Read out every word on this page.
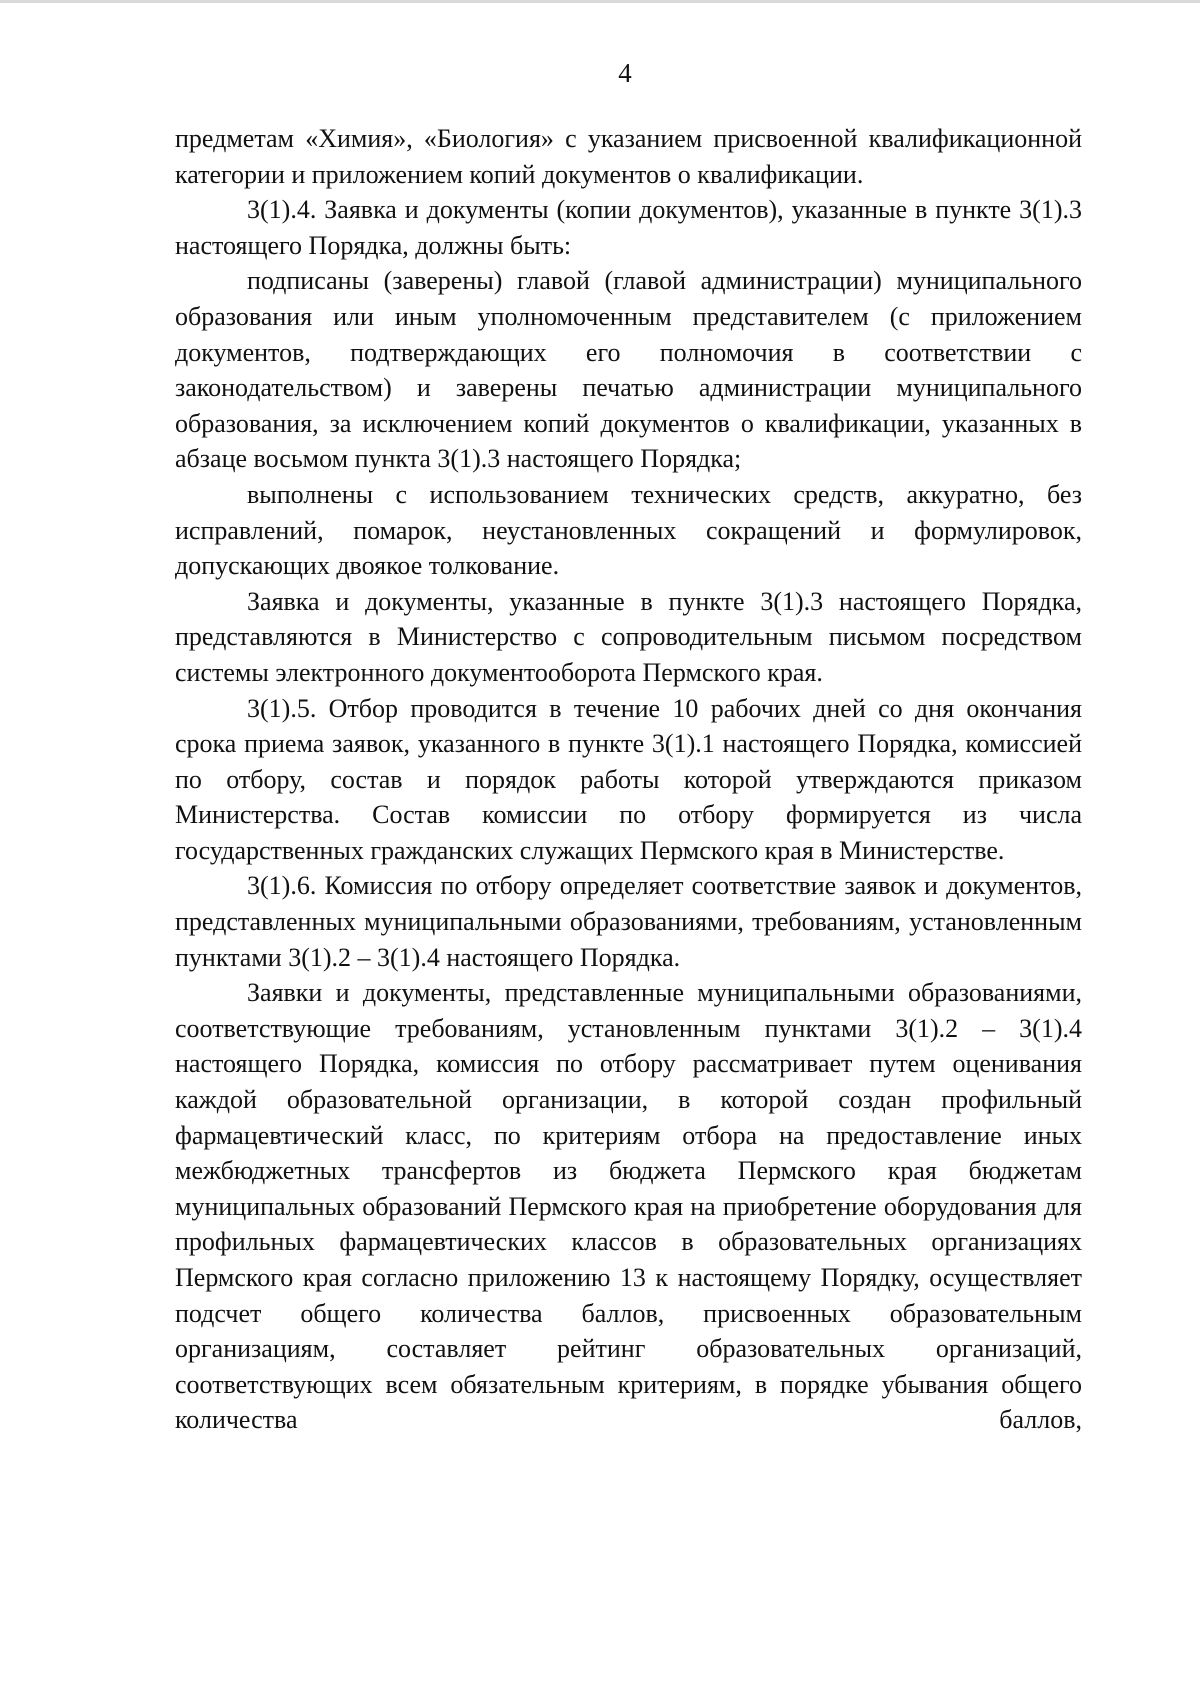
4

предметам «Химия», «Биология» с указанием присвоенной квалификационной категории и приложением копий документов о квалификации.

3(1).4. Заявка и документы (копии документов), указанные в пункте 3(1).3 настоящего Порядка, должны быть:

подписаны (заверены) главой (главой администрации) муниципального образования или иным уполномоченным представителем (с приложением документов, подтверждающих его полномочия в соответствии с законодательством) и заверены печатью администрации муниципального образования, за исключением копий документов о квалификации, указанных в абзаце восьмом пункта 3(1).3 настоящего Порядка;

выполнены с использованием технических средств, аккуратно, без исправлений, помарок, неустановленных сокращений и формулировок, допускающих двоякое толкование.

Заявка и документы, указанные в пункте 3(1).3 настоящего Порядка, представляются в Министерство с сопроводительным письмом посредством системы электронного документооборота Пермского края.

3(1).5. Отбор проводится в течение 10 рабочих дней со дня окончания срока приема заявок, указанного в пункте 3(1).1 настоящего Порядка, комиссией по отбору, состав и порядок работы которой утверждаются приказом Министерства. Состав комиссии по отбору формируется из числа государственных гражданских служащих Пермского края в Министерстве.

3(1).6. Комиссия по отбору определяет соответствие заявок и документов, представленных муниципальными образованиями, требованиям, установленным пунктами 3(1).2 – 3(1).4 настоящего Порядка.

Заявки и документы, представленные муниципальными образованиями, соответствующие требованиям, установленным пунктами 3(1).2 – 3(1).4 настоящего Порядка, комиссия по отбору рассматривает путем оценивания каждой образовательной организации, в которой создан профильный фармацевтический класс, по критериям отбора на предоставление иных межбюджетных трансфертов из бюджета Пермского края бюджетам муниципальных образований Пермского края на приобретение оборудования для профильных фармацевтических классов в образовательных организациях Пермского края согласно приложению 13 к настоящему Порядку, осуществляет подсчет общего количества баллов, присвоенных образовательным организациям, составляет рейтинг образовательных организаций, соответствующих всем обязательным критериям, в порядке убывания общего количества баллов,
